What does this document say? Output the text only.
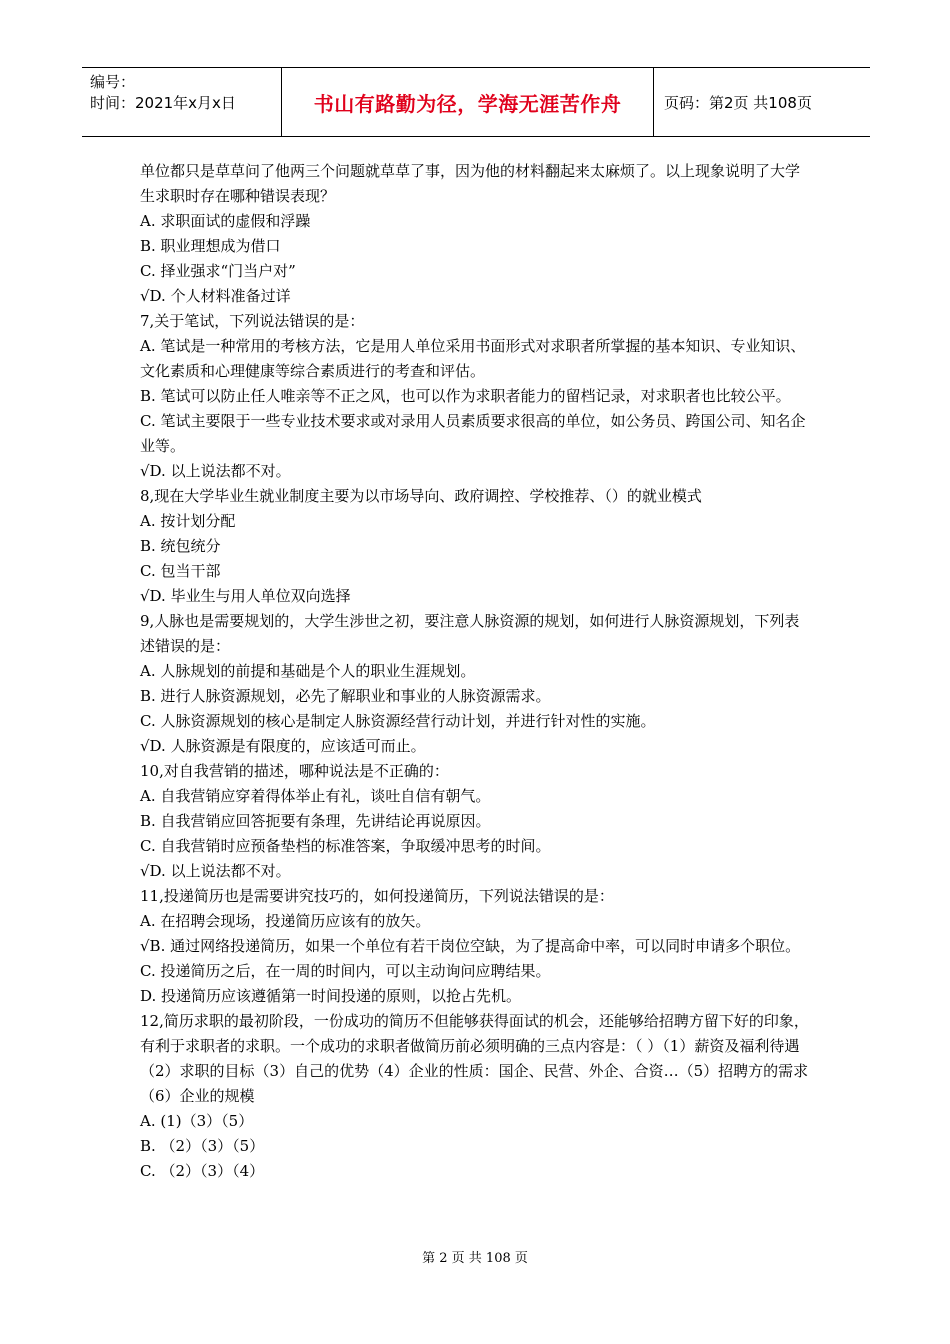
编号：
时间：2021年x月x日	书山有路勤为径，学海无涯苦作舟	页码：第2页 共108页

单位都只是草草问了他两三个问题就草草了事，因为他的材料翻起来太麻烦了。以上现象说明了大学生求职时存在哪种错误表现？

A. 求职面试的虚假和浮躁

B. 职业理想成为借口

C. 择业强求“门当户对”

√D. 个人材料准备过详

7,关于笔试，下列说法错误的是：

A. 笔试是一种常用的考核方法，它是用人单位采用书面形式对求职者所掌握的基本知识、专业知识、文化素质和心理健康等综合素质进行的考查和评估。

B. 笔试可以防止任人唯亲等不正之风，也可以作为求职者能力的留档记录，对求职者也比较公平。

C. 笔试主要限于一些专业技术要求或对录用人员素质要求很高的单位，如公务员、跨国公司、知名企业等。

√D. 以上说法都不对。

8,现在大学毕业生就业制度主要为以市场导向、政府调控、学校推荐、（）的就业模式

A. 按计划分配

B. 统包统分

C. 包当干部

√D. 毕业生与用人单位双向选择

9,人脉也是需要规划的，大学生涉世之初，要注意人脉资源的规划，如何进行人脉资源规划，下列表述错误的是：

A. 人脉规划的前提和基础是个人的职业生涯规划。

B. 进行人脉资源规划，必先了解职业和事业的人脉资源需求。

C. 人脉资源规划的核心是制定人脉资源经营行动计划，并进行针对性的实施。

√D. 人脉资源是有限度的，应该适可而止。

10,对自我营销的描述，哪种说法是不正确的：

A. 自我营销应穿着得体举止有礼，谈吐自信有朝气。

B. 自我营销应回答扼要有条理，先讲结论再说原因。

C. 自我营销时应预备垫档的标准答案，争取缓冲思考的时间。

√D. 以上说法都不对。

11,投递简历也是需要讲究技巧的，如何投递简历，下列说法错误的是：

A. 在招聘会现场，投递简历应该有的放矢。

√B. 通过网络投递简历，如果一个单位有若干岗位空缺，为了提高命中率，可以同时申请多个职位。

C. 投递简历之后，在一周的时间内，可以主动询问应聘结果。

D. 投递简历应该遵循第一时间投递的原则，以抢占先机。

12,简历求职的最初阶段，一份成功的简历不但能够获得面试的机会，还能够给招聘方留下好的印象，有利于求职者的求职。一个成功的求职者做简历前必须明确的三点内容是：（ ）（1）薪资及福利待遇（2）求职的目标（3）自己的优势（4）企业的性质：国企、民营、外企、合资…（5）招聘方的需求（6）企业的规模

A. (1)（3）（5）

B. （2）（3）（5）

C. （2）（3）（4）

第 2 页 共 108 页
